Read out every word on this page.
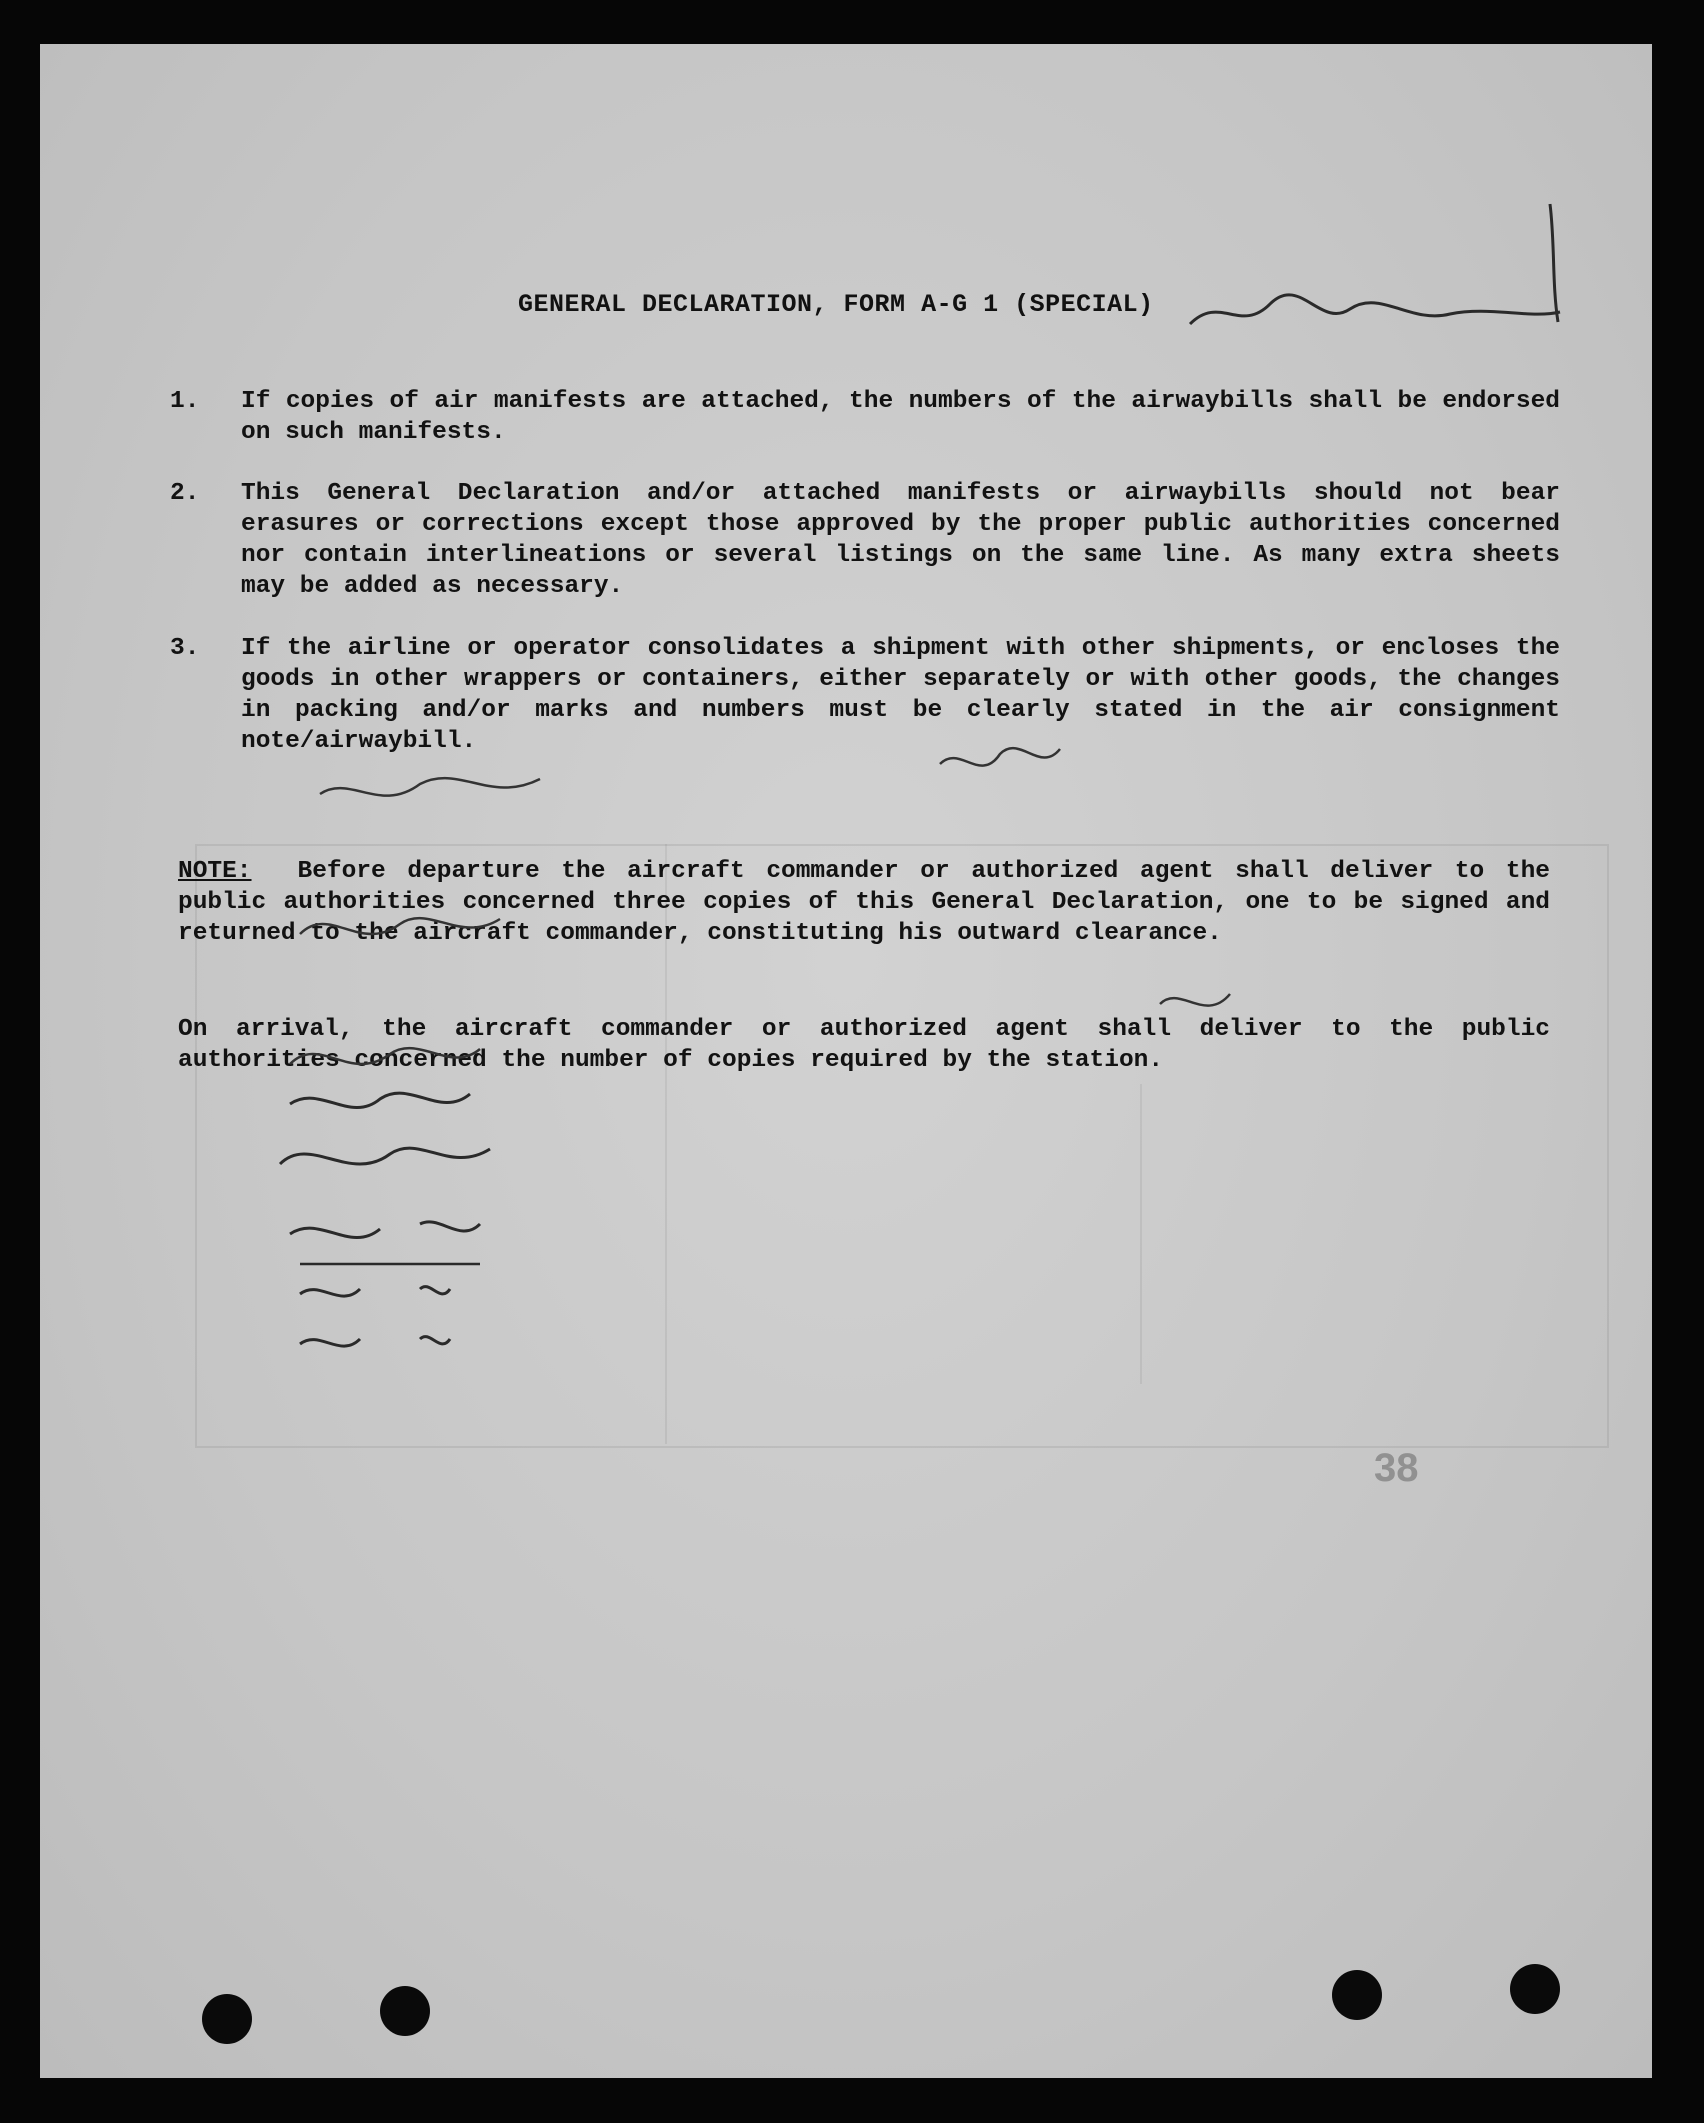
GENERAL DECLARATION, FORM A-G 1 (SPECIAL)
1. If copies of air manifests are attached, the numbers of the airwaybills shall be endorsed on such manifests.
2. This General Declaration and/or attached manifests or airwaybills should not bear erasures or corrections except those approved by the proper public authorities concerned nor contain interlineations or several listings on the same line. As many extra sheets may be added as necessary.
3. If the airline or operator consolidates a shipment with other shipments, or encloses the goods in other wrappers or containers, either separately or with other goods, the changes in packing and/or marks and numbers must be clearly stated in the air consignment note/airwaybill.
NOTE: Before departure the aircraft commander or authorized agent shall deliver to the public authorities concerned three copies of this General Declaration, one to be signed and returned to the aircraft commander, constituting his outward clearance.
On arrival, the aircraft commander or authorized agent shall deliver to the public authorities concerned the number of copies required by the station.
38
